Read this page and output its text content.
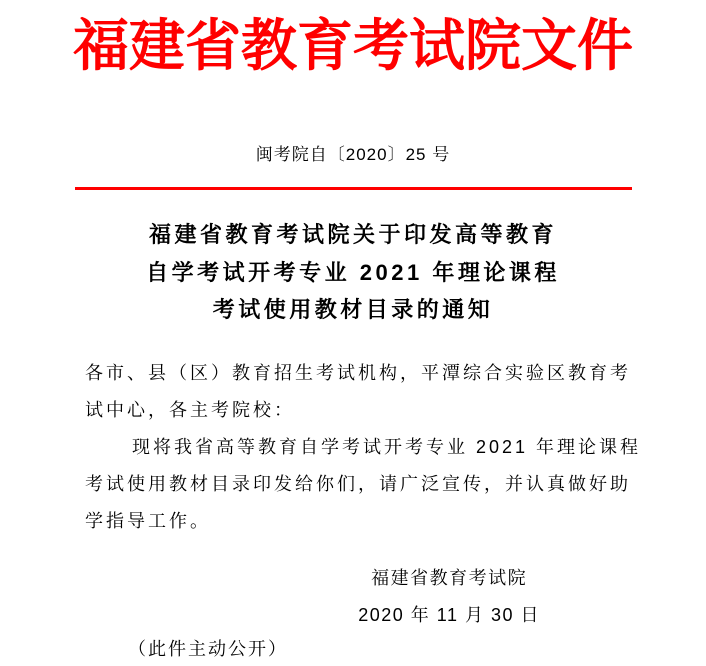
福建省教育考试院文件
闽考院自〔2020〕25 号
福建省教育考试院关于印发高等教育
自学考试开考专业 2021 年理论课程
考试使用教材目录的通知
各市、县（区）教育招生考试机构，平潭综合实验区教育考
试中心，各主考院校：
现将我省高等教育自学考试开考专业 2021 年理论课程
考试使用教材目录印发给你们，请广泛宣传，并认真做好助
学指导工作。
福建省教育考试院
2020 年 11 月 30 日
（此件主动公开）
